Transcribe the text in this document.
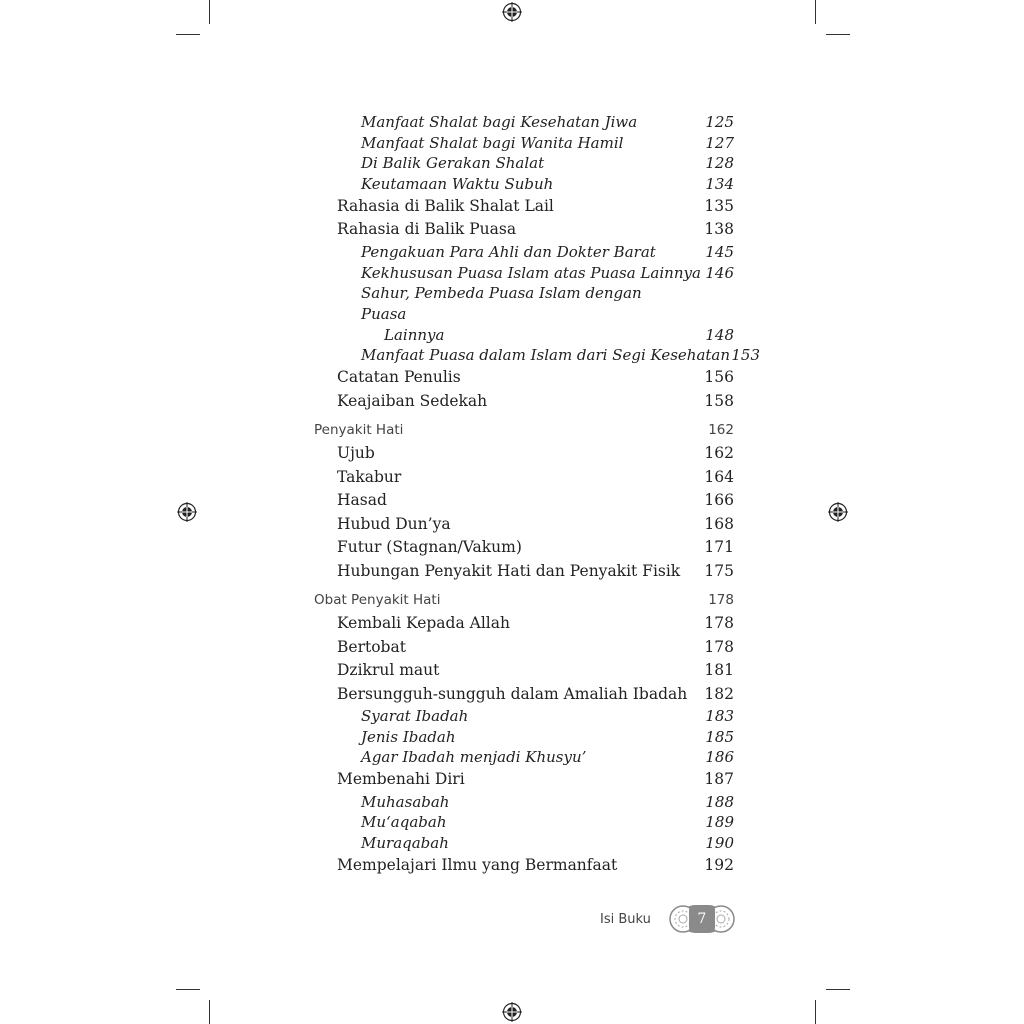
Manfaat Shalat bagi Kesehatan Jiwa	125
Manfaat Shalat bagi Wanita Hamil	127
Di Balik Gerakan Shalat	128
Keutamaan Waktu Subuh	134
Rahasia di Balik Shalat Lail	135
Rahasia di Balik Puasa	138
Pengakuan Para Ahli dan Dokter Barat	145
Kekhususan Puasa Islam atas Puasa Lainnya 146
Sahur, Pembeda Puasa Islam dengan Puasa
Lainnya	148
Manfaat Puasa dalam Islam dari Segi Kesehatan 153
Catatan Penulis	156
Keajaiban Sedekah	158
Penyakit Hati	162
Ujub	162
Takabur	164
Hasad	166
Hubud Dun’ya	168
Futur (Stagnan/Vakum)	171
Hubungan Penyakit Hati dan Penyakit Fisik 175
Obat Penyakit Hati	178
Kembali Kepada Allah	178
Bertobat	178
Dzikrul maut	181
Bersungguh-sungguh dalam Amaliah Ibadah 182
Syarat Ibadah	183
Jenis Ibadah	185
Agar Ibadah menjadi Khusyu’	186
Membenahi Diri	187
Muhasabah	188
Mu‘aqabah	189
Muraqabah	190
Mempelajari Ilmu yang Bermanfaat	192
Isi Buku	7
